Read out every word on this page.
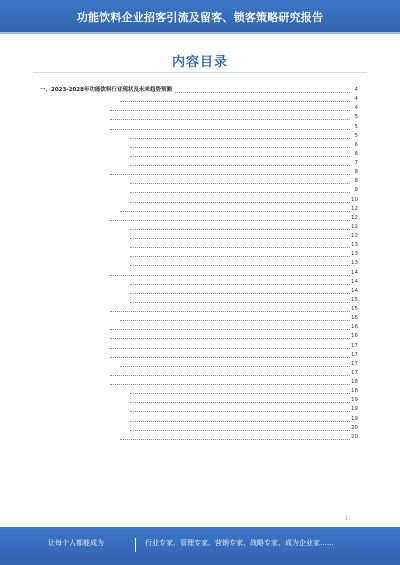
功能饮料企业招客引流及留客、锁客策略研究报告
内容目录
一、2023-2028年功能饮料行业现状及未来趋势预测	4
4
4
5
5
5
6
6
7
8
8
9
10
12
12
12
12
13
13
13
14
14
14
15
15
16
16
16
17
17
17
17
18
18
19
19
19
20
20
1
让每个人都能成为	行业专家、管理专家、营销专家、战略专家、成为企业家……
